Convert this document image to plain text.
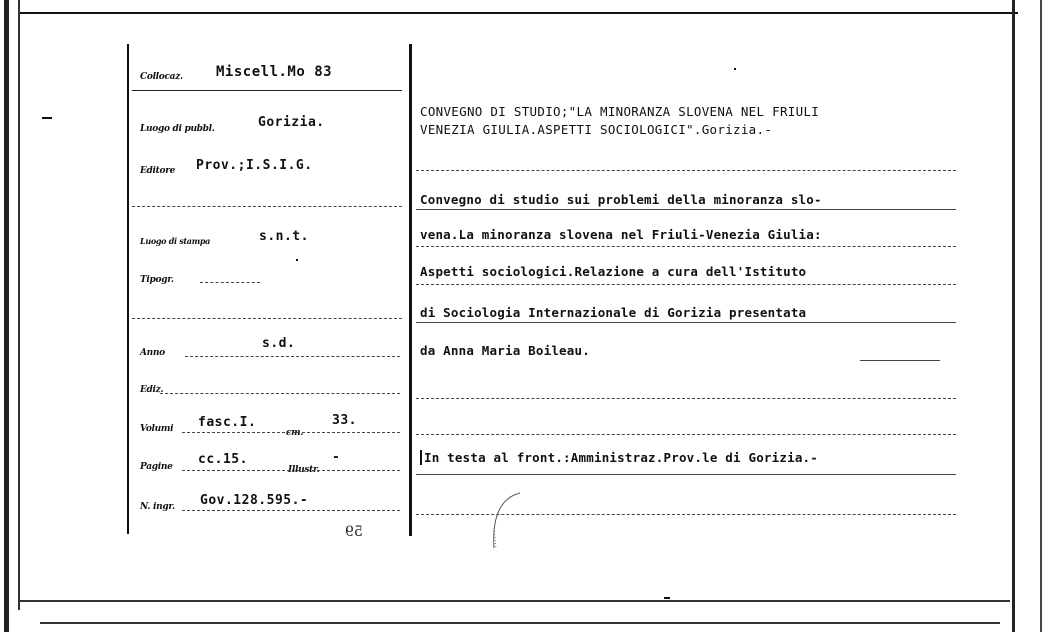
Collocaz. Miscell.Mo 83
Luogo di pubbl.	Gorizia.
Editore Prov.;I.S.I.G.
Luogo di stampa	s.n.t.
Tipogr.
Anno
s.d.
Ediz.
Volumi fasc.I.
cm.
33.
Pagine cc.15.
Illustr.
-
N. ingr. Gov.128.595.-
CONVEGNO DI STUDIO;"LA MINORANZA SLOVENA NEL FRIULI
VENEZIA GIULIA.ASPETTI SOCIOLOGICI".Gorizia.-
Convegno di studio sui problemi della minoranza slo-
vena.La minoranza slovena nel Friuli-Venezia Giulia:
Aspetti sociologici.Relazione a cura dell'Istituto
di Sociologia Internazionale di Gorizia presentata
da Anna Maria Boileau.
In testa al front.:Amministraz.Prov.le di Gorizia.-
59
